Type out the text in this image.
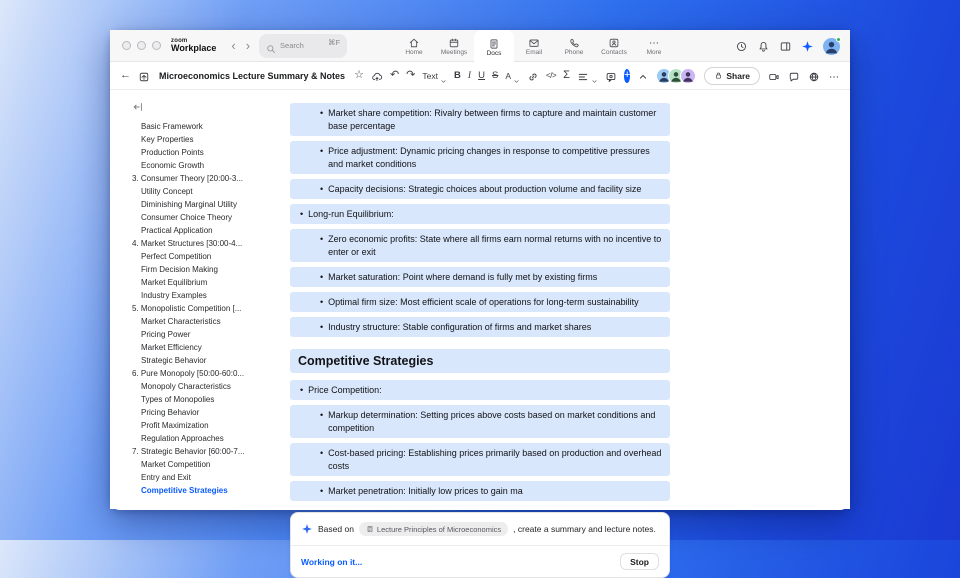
zoom
Workplace	‹ ›	Search	⌘F
Home	Meetings	Docs	Email	Phone	Contacts	More
←	Microeconomics Lecture Summary & Notes ☆ ↶ ↷ Text B I U S A	</> Σ	+	Share
Basic Framework
Key Properties
Production Points
Economic Growth
3. Consumer Theory [20:00-3...
Utility Concept
Diminishing Marginal Utility
Consumer Choice Theory
Practical Application
4. Market Structures [30:00-4...
Perfect Competition
Firm Decision Making
Market Equilibrium
Industry Examples
5. Monopolistic Competition [...
Market Characteristics
Pricing Power
Market Efficiency
Strategic Behavior
6. Pure Monopoly [50:00-60:0...
Monopoly Characteristics
Types of Monopolies
Pricing Behavior
Profit Maximization
Regulation Approaches
7. Strategic Behavior [60:00-7...
Market Competition
Entry and Exit
Competitive Strategies
• Market share competition: Rivalry between firms to capture and maintain customer base percentage
• Price adjustment: Dynamic pricing changes in response to competitive pressures and market conditions
• Capacity decisions: Strategic choices about production volume and facility size
• Long-run Equilibrium:
• Zero economic profits: State where all firms earn normal returns with no incentive to enter or exit
• Market saturation: Point where demand is fully met by existing firms
• Optimal firm size: Most efficient scale of operations for long-term sustainability
• Industry structure: Stable configuration of firms and market shares
Competitive Strategies
• Price Competition:
• Markup determination: Setting prices above costs based on market conditions and competition
• Cost-based pricing: Establishing prices primarily based on production and overhead costs
• Market penetration: Initially low prices to gain ma
Based on	Lecture Principles of Microeconomics , create a summary and lecture notes.
Working on it...	Stop
